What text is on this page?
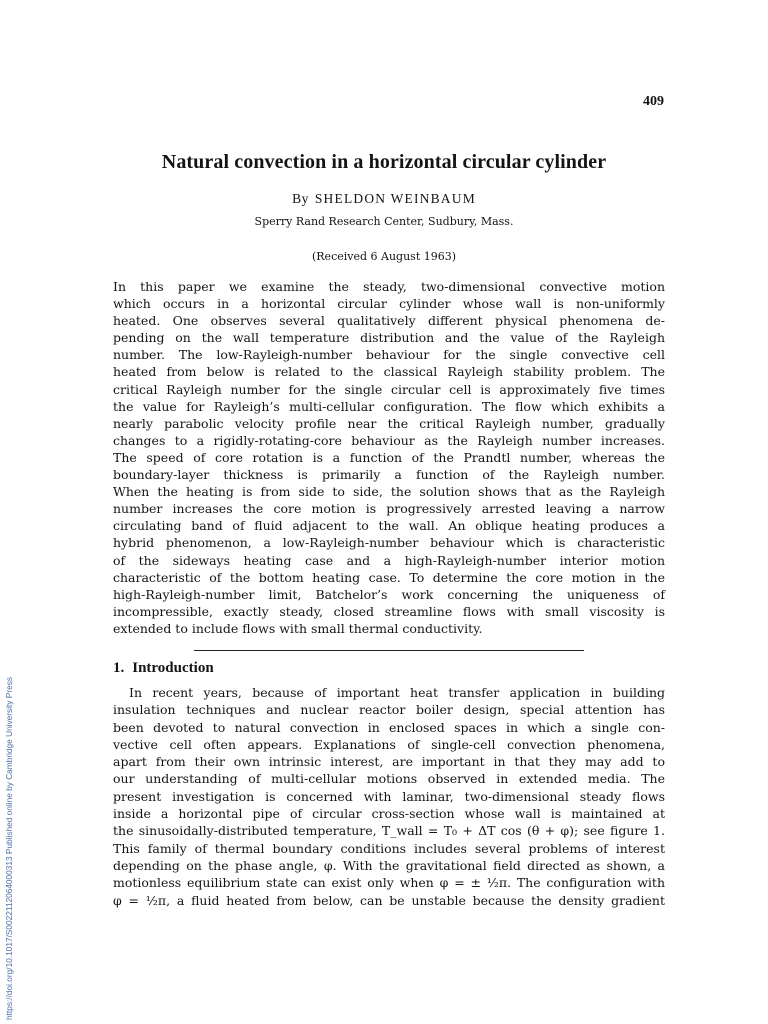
409
Natural convection in a horizontal circular cylinder
By SHELDON WEINBAUM
Sperry Rand Research Center, Sudbury, Mass.
(Received 6 August 1963)
In this paper we examine the steady, two-dimensional convective motion
which occurs in a horizontal circular cylinder whose wall is non-uniformly
heated. One observes several qualitatively different physical phenomena de-
pending on the wall temperature distribution and the value of the Rayleigh
number. The low-Rayleigh-number behaviour for the single convective cell
heated from below is related to the classical Rayleigh stability problem. The
critical Rayleigh number for the single circular cell is approximately five times
the value for Rayleigh’s multi-cellular configuration. The flow which exhibits a
nearly parabolic velocity profile near the critical Rayleigh number, gradually
changes to a rigidly-rotating-core behaviour as the Rayleigh number increases.
The speed of core rotation is a function of the Prandtl number, whereas the
boundary-layer thickness is primarily a function of the Rayleigh number.
When the heating is from side to side, the solution shows that as the Rayleigh
number increases the core motion is progressively arrested leaving a narrow
circulating band of fluid adjacent to the wall. An oblique heating produces a
hybrid phenomenon, a low-Rayleigh-number behaviour which is characteristic
of the sideways heating case and a high-Rayleigh-number interior motion
characteristic of the bottom heating case. To determine the core motion in the
high-Rayleigh-number limit, Batchelor’s work concerning the uniqueness of
incompressible, exactly steady, closed streamline flows with small viscosity is
extended to include flows with small thermal conductivity.
1. Introduction
In recent years, because of important heat transfer application in building
insulation techniques and nuclear reactor boiler design, special attention has
been devoted to natural convection in enclosed spaces in which a single con-
vective cell often appears. Explanations of single-cell convection phenomena,
apart from their own intrinsic interest, are important in that they may add to
our understanding of multi-cellular motions observed in extended media. The
present investigation is concerned with laminar, two-dimensional steady flows
inside a horizontal pipe of circular cross-section whose wall is maintained at
the sinusoidally-distributed temperature, T_wall = T₀ + ΔT cos (θ + φ); see figure 1.
This family of thermal boundary conditions includes several problems of interest
depending on the phase angle, φ. With the gravitational field directed as shown, a
motionless equilibrium state can exist only when φ = ± ½π. The configuration with
φ = ½π, a fluid heated from below, can be unstable because the density gradient
https://doi.org/10.1017/S0022112064000313 Published online by Cambridge University Press
